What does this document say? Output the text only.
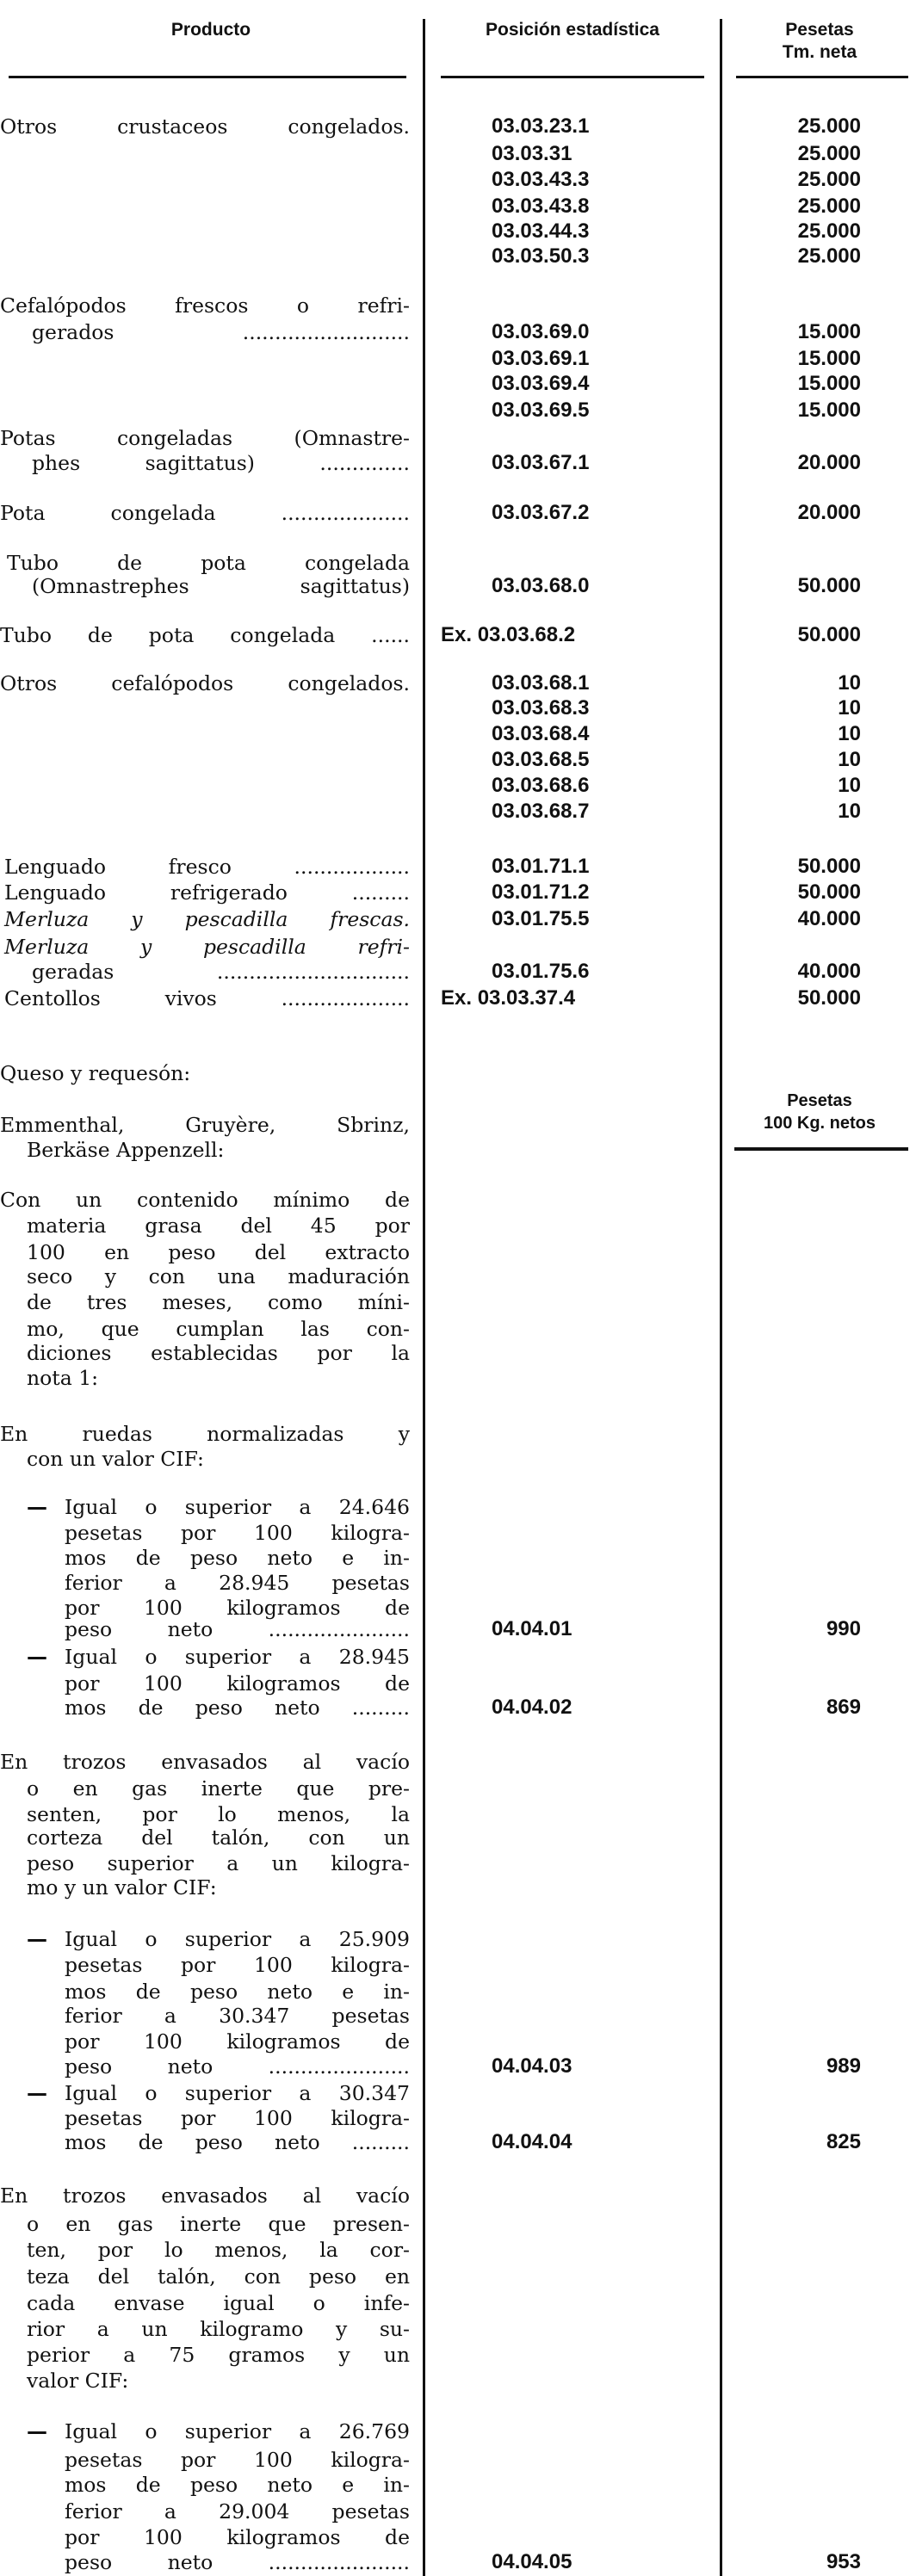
Producto	Posición estadística	Pesetas
Tm. neta
Pesetas
100 Kg. netos
Otros crustaceos congelados.	03.03.23.1	25.000
03.03.31	25.000
03.03.43.3	25.000
03.03.43.8	25.000
03.03.44.3	25.000
03.03.50.3	25.000
Cefalópodos frescos o refri-
gerados ..........................	03.03.69.0	15.000
03.03.69.1	15.000
03.03.69.4	15.000
03.03.69.5	15.000
Potas congeladas (Omnastre-
phes sagittatus) ..............	03.03.67.1	20.000
Pota congelada ....................	03.03.67.2	20.000
Tubo de pota congelada
(Omnastrephes sagittatus)	03.03.68.0	50.000
Tubo de pota congelada ...... Ex. 03.03.68.2	50.000
Otros cefalópodos congelados.	03.03.68.1	10
03.03.68.3	10
03.03.68.4	10
03.03.68.5	10
03.03.68.6	10
03.03.68.7	10
Lenguado fresco ..................	03.01.71.1	50.000
Lenguado refrigerado .........	03.01.71.2	50.000
Merluza y pescadilla frescas.	03.01.75.5	40.000
Merluza y pescadilla refri-
geradas ..............................	03.01.75.6	40.000
Centollos vivos .................... Ex. 03.03.37.4	50.000
Queso y requesón:
Emmenthal, Gruyère, Sbrinz,
Berkäse Appenzell:
Con un contenido mínimo de
materia grasa del 45 por
100 en peso del extracto
seco y con una maduración
de tres meses, como míni-
mo, que cumplan las con-
diciones establecidas por la
nota 1:
En ruedas normalizadas y
con un valor CIF:
— Igual o superior a 24.646
pesetas por 100 kilogra-
mos de peso neto e in-
ferior a 28.945 pesetas
por 100 kilogramos de
peso neto ......................	04.04.01	990
— Igual o superior a 28.945
por 100 kilogramos de
mos de peso neto .........	04.04.02	869
En trozos envasados al vacío
o en gas inerte que pre-
senten, por lo menos, la
corteza del talón, con un
peso superior a un kilogra-
mo y un valor CIF:
— Igual o superior a 25.909
pesetas por 100 kilogra-
mos de peso neto e in-
ferior a 30.347 pesetas
por 100 kilogramos de
peso neto ......................	04.04.03	989
— Igual o superior a 30.347
pesetas por 100 kilogra-
mos de peso neto .........	04.04.04	825
En trozos envasados al vacío
o en gas inerte que presen-
ten, por lo menos, la cor-
teza del talón, con peso en
cada envase igual o infe-
rior a un kilogramo y su-
perior a 75 gramos y un
valor CIF:
— Igual o superior a 26.769
pesetas por 100 kilogra-
mos de peso neto e in-
ferior a 29.004 pesetas
por 100 kilogramos de
peso neto ......................	04.04.05	953
